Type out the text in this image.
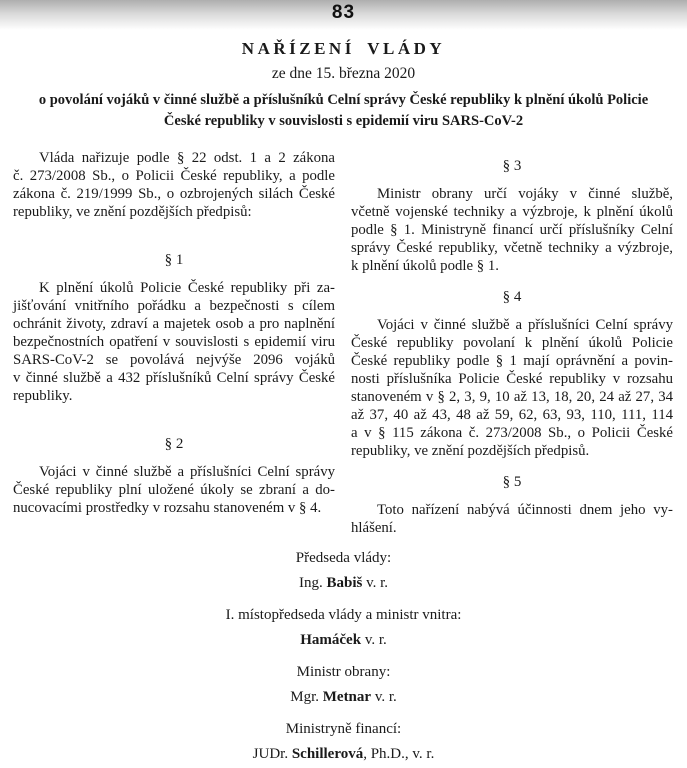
83
NAŘÍZENÍ VLÁDY
ze dne 15. března 2020
o povolání vojáků v činné službě a příslušníků Celní správy České republiky k plnění úkolů Policie
České republiky v souvislosti s epidemií viru SARS-CoV-2
Vláda nařizuje podle § 22 odst. 1 a 2 zákona
č. 273/2008 Sb., o Policii České republiky, a podle
zákona č. 219/1999 Sb., o ozbrojených silách České
republiky, ve znění pozdějších předpisů:
§ 1
K plnění úkolů Policie České republiky při za-
jišťování vnitřního pořádku a bezpečnosti s cílem
ochránit životy, zdraví a majetek osob a pro naplnění
bezpečnostních opatření v souvislosti s epidemií viru
SARS-CoV-2 se povolává nejvýše 2096 vojáků
v činné službě a 432 příslušníků Celní správy České
republiky.
§ 2
Vojáci v činné službě a příslušníci Celní správy
České republiky plní uložené úkoly se zbraní a do-
nucovacími prostředky v rozsahu stanoveném v § 4.
§ 3
Ministr obrany určí vojáky v činné službě,
včetně vojenské techniky a výzbroje, k plnění úkolů
podle § 1. Ministryně financí určí příslušníky Celní
správy České republiky, včetně techniky a výzbroje,
k plnění úkolů podle § 1.
§ 4
Vojáci v činné službě a příslušníci Celní správy
České republiky povolaní k plnění úkolů Policie
České republiky podle § 1 mají oprávnění a povin-
nosti příslušníka Policie České republiky v rozsahu
stanoveném v § 2, 3, 9, 10 až 13, 18, 20, 24 až 27, 34
až 37, 40 až 43, 48 až 59, 62, 63, 93, 110, 111, 114
a v § 115 zákona č. 273/2008 Sb., o Policii České
republiky, ve znění pozdějších předpisů.
§ 5
Toto nařízení nabývá účinnosti dnem jeho vy-
hlášení.
Předseda vlády:
Ing. Babiš v. r.
I. místopředseda vlády a ministr vnitra:
Hamáček v. r.
Ministr obrany:
Mgr. Metnar v. r.
Ministryně financí:
JUDr. Schillerová, Ph.D., v. r.
